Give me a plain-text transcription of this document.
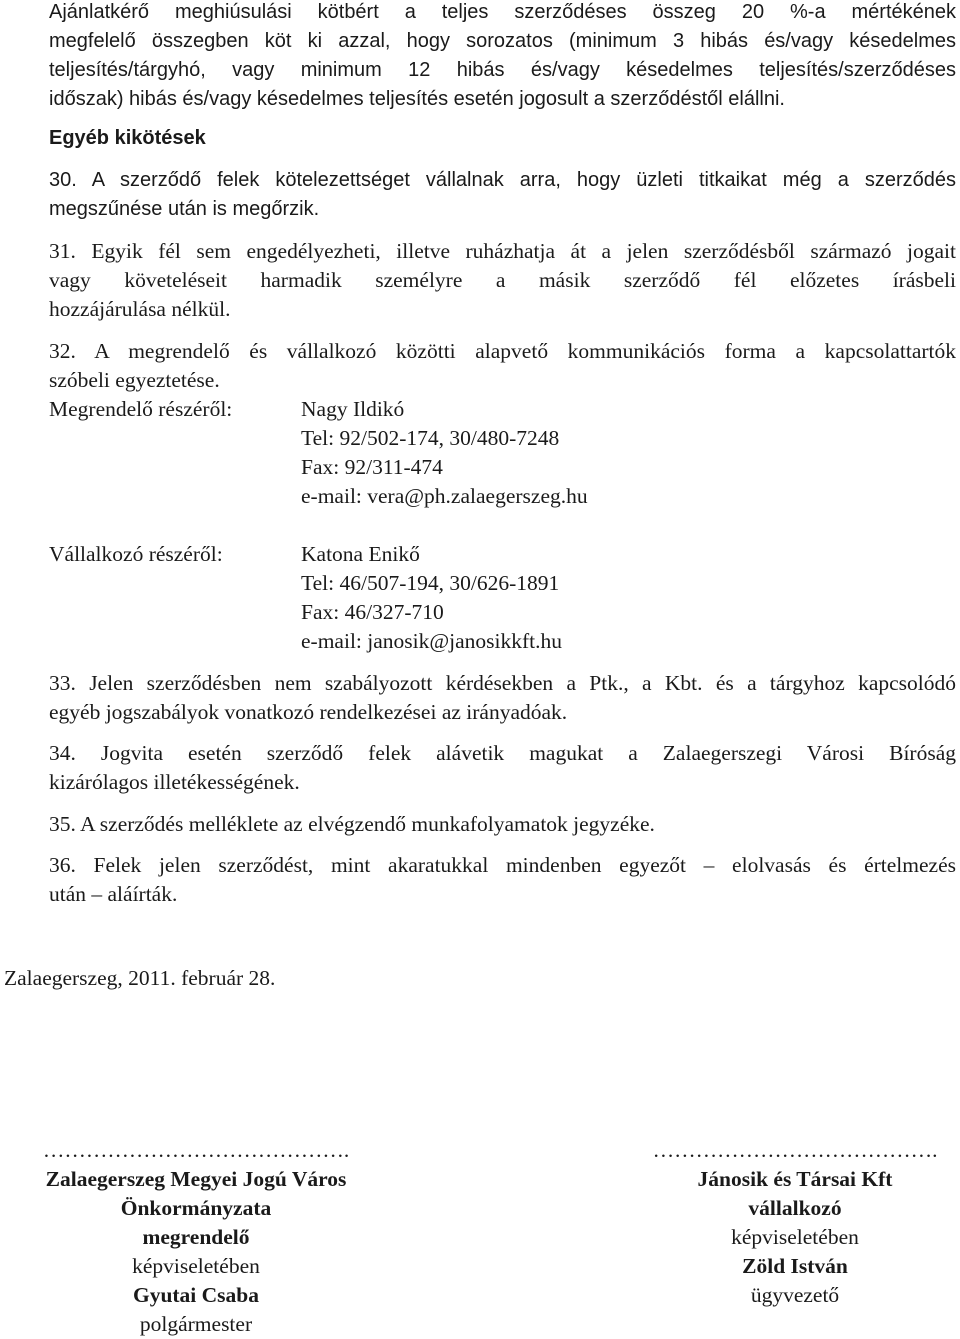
Ajánlatkérő meghiúsulási kötbért a teljes szerződéses összeg 20 %-a mértékének
megfelelő összegben köt ki azzal, hogy sorozatos (minimum 3 hibás és/vagy késedelmes
teljesítés/tárgyhó, vagy minimum 12 hibás és/vagy késedelmes teljesítés/szerződéses
időszak) hibás és/vagy késedelmes teljesítés esetén jogosult a szerződéstől elállni.
Egyéb kikötések
30. A szerződő felek kötelezettséget vállalnak arra, hogy üzleti titkaikat még a szerződés
megszűnése után is megőrzik.
31. Egyik fél sem engedélyezheti, illetve ruházhatja át a jelen szerződésből származó jogait
vagy követeléseit harmadik személyre a másik szerződő fél előzetes írásbeli
hozzájárulása nélkül.
32. A megrendelő és vállalkozó közötti alapvető kommunikációs forma a kapcsolattartók
szóbeli egyeztetése.
Megrendelő részéről:	Nagy Ildikó
Tel: 92/502-174, 30/480-7248
Fax: 92/311-474
e-mail: vera@ph.zalaegerszeg.hu
Vállalkozó részéről:	Katona Enikő
Tel: 46/507-194, 30/626-1891
Fax: 46/327-710
e-mail: janosik@janosikkft.hu
33. Jelen szerződésben nem szabályozott kérdésekben a Ptk., a Kbt. és a tárgyhoz kapcsolódó
egyéb jogszabályok vonatkozó rendelkezései az irányadóak.
34. Jogvita esetén szerződő felek alávetik magukat a Zalaegerszegi Városi Bíróság
kizárólagos illetékességének.
35. A szerződés melléklete az elvégzendő munkafolyamatok jegyzéke.
36. Felek jelen szerződést, mint akaratukkal mindenben egyezőt – elolvasás és értelmezés
után – aláírták.
Zalaegerszeg, 2011. február 28.
…………………………………….
Zalaegerszeg Megyei Jogú Város
Önkormányzata
megrendelő
képviseletében
Gyutai Csaba
polgármester
………………………………….
Jánosik és Társai Kft
vállalkozó
képviseletében
Zöld István
ügyvezető
